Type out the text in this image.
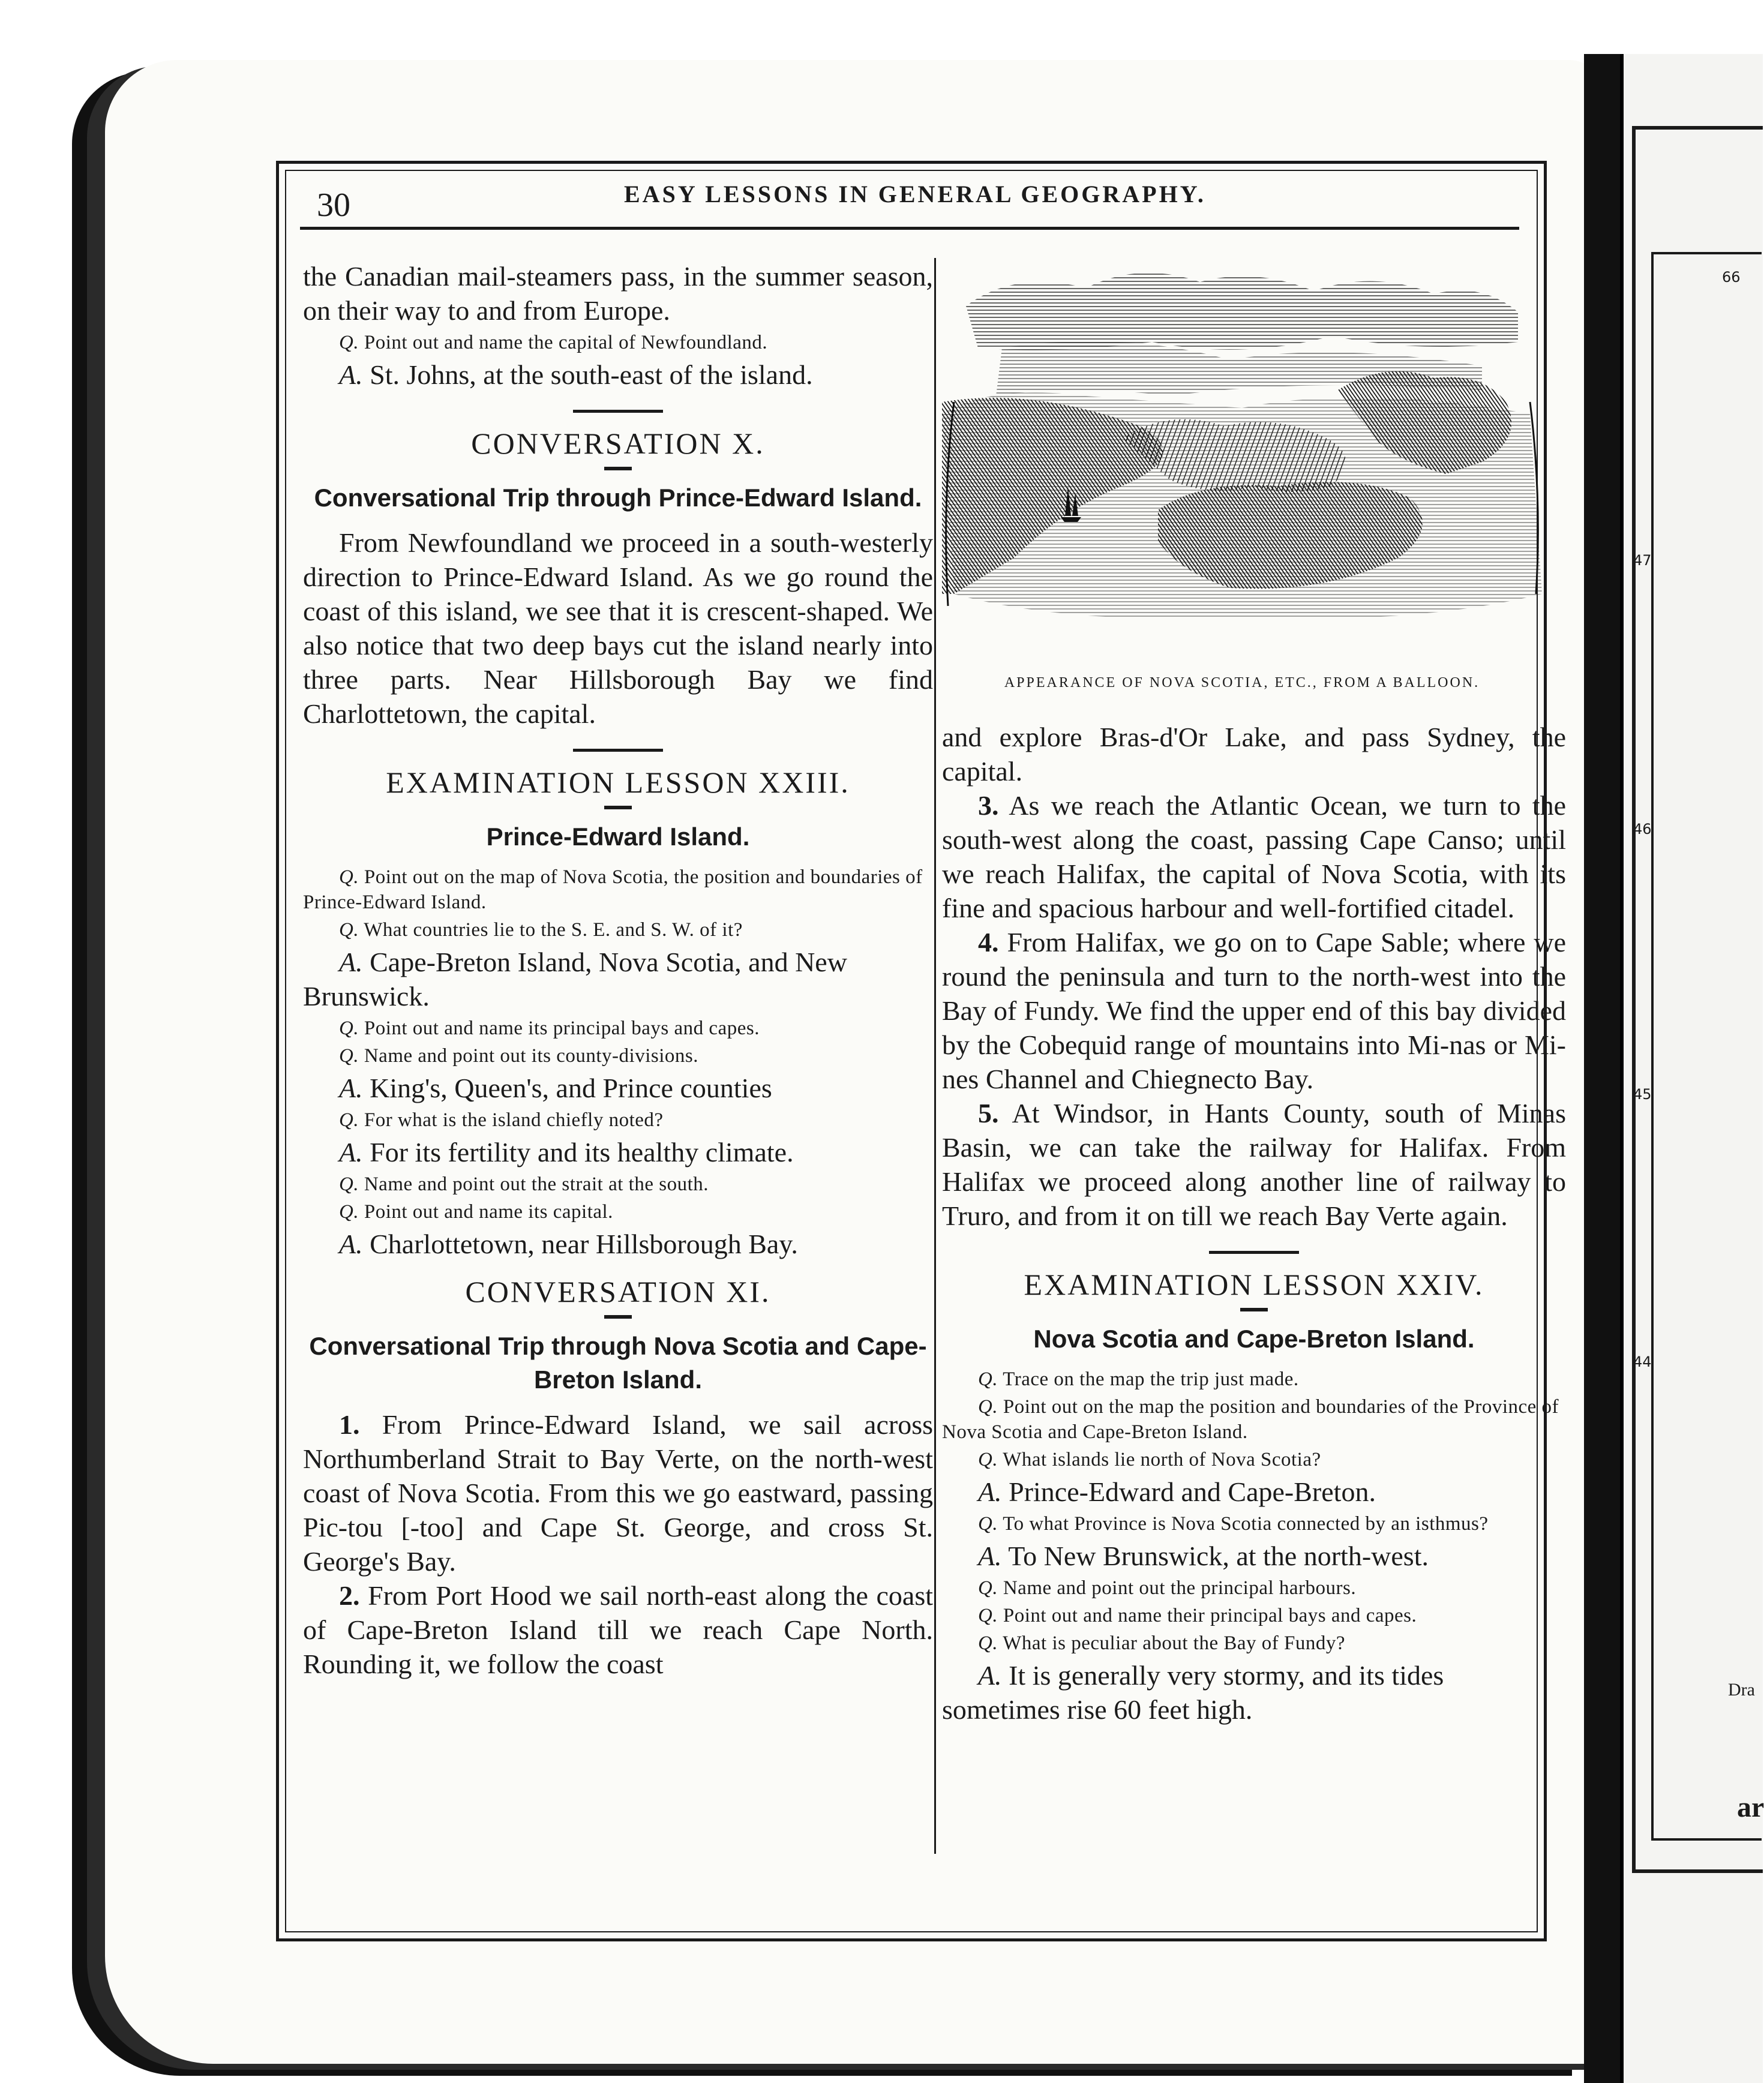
66
47
46
45
44
Dra
ar
30	EASY LESSONS IN GENERAL GEOGRAPHY.

the Canadian mail-steamers pass, in the summer season, on their way to and from Europe.

Q. Point out and name the capital of Newfoundland.

A. St. Johns, at the south-east of the island.

CONVERSATION X.
Conversational Trip through Prince-Edward Island.

From Newfoundland we proceed in a south-westerly direction to Prince-Edward Island. As we go round the coast of this island, we see that it is crescent-shaped. We also notice that two deep bays cut the island nearly into three parts. Near Hillsborough Bay we find Charlottetown, the capital.

EXAMINATION LESSON XXIII.
Prince-Edward Island.

Q. Point out on the map of Nova Scotia, the position and boundaries of Prince-Edward Island.

Q. What countries lie to the S. E. and S. W. of it?

A. Cape-Breton Island, Nova Scotia, and New Brunswick.

Q. Point out and name its principal bays and capes.

Q. Name and point out its county-divisions.

A. King's, Queen's, and Prince counties

Q. For what is the island chiefly noted?

A. For its fertility and its healthy climate.

Q. Name and point out the strait at the south.

Q. Point out and name its capital.

A. Charlottetown, near Hillsborough Bay.

CONVERSATION XI.
Conversational Trip through Nova Scotia and Cape-Breton Island.

1. From Prince-Edward Island, we sail across Northumberland Strait to Bay Verte, on the north-west coast of Nova Scotia. From this we go eastward, passing Pic-tou [-too] and Cape St. George, and cross St. George's Bay.

2. From Port Hood we sail north-east along the coast of Cape-Breton Island till we reach Cape North. Rounding it, we follow the coast

APPEARANCE OF NOVA SCOTIA, ETC., FROM A BALLOON.

and explore Bras-d'Or Lake, and pass Sydney, the capital.

3. As we reach the Atlantic Ocean, we turn to the south-west along the coast, passing Cape Canso; until we reach Halifax, the capital of Nova Scotia, with its fine and spacious harbour and well-fortified citadel.

4. From Halifax, we go on to Cape Sable; where we round the peninsula and turn to the north-west into the Bay of Fundy. We find the upper end of this bay divided by the Cobequid range of mountains into Mi-nas or Mi-nes Channel and Chiegnecto Bay.

5. At Windsor, in Hants County, south of Minas Basin, we can take the railway for Halifax. From Halifax we proceed along another line of railway to Truro, and from it on till we reach Bay Verte again.

EXAMINATION LESSON XXIV.
Nova Scotia and Cape-Breton Island.

Q. Trace on the map the trip just made.

Q. Point out on the map the position and boundaries of the Province of Nova Scotia and Cape-Breton Island.

Q. What islands lie north of Nova Scotia?

A. Prince-Edward and Cape-Breton.

Q. To what Province is Nova Scotia connected by an isthmus?

A. To New Brunswick, at the north-west.

Q. Name and point out the principal harbours.

Q. Point out and name their principal bays and capes.

Q. What is peculiar about the Bay of Fundy?

A. It is generally very stormy, and its tides sometimes rise 60 feet high.
